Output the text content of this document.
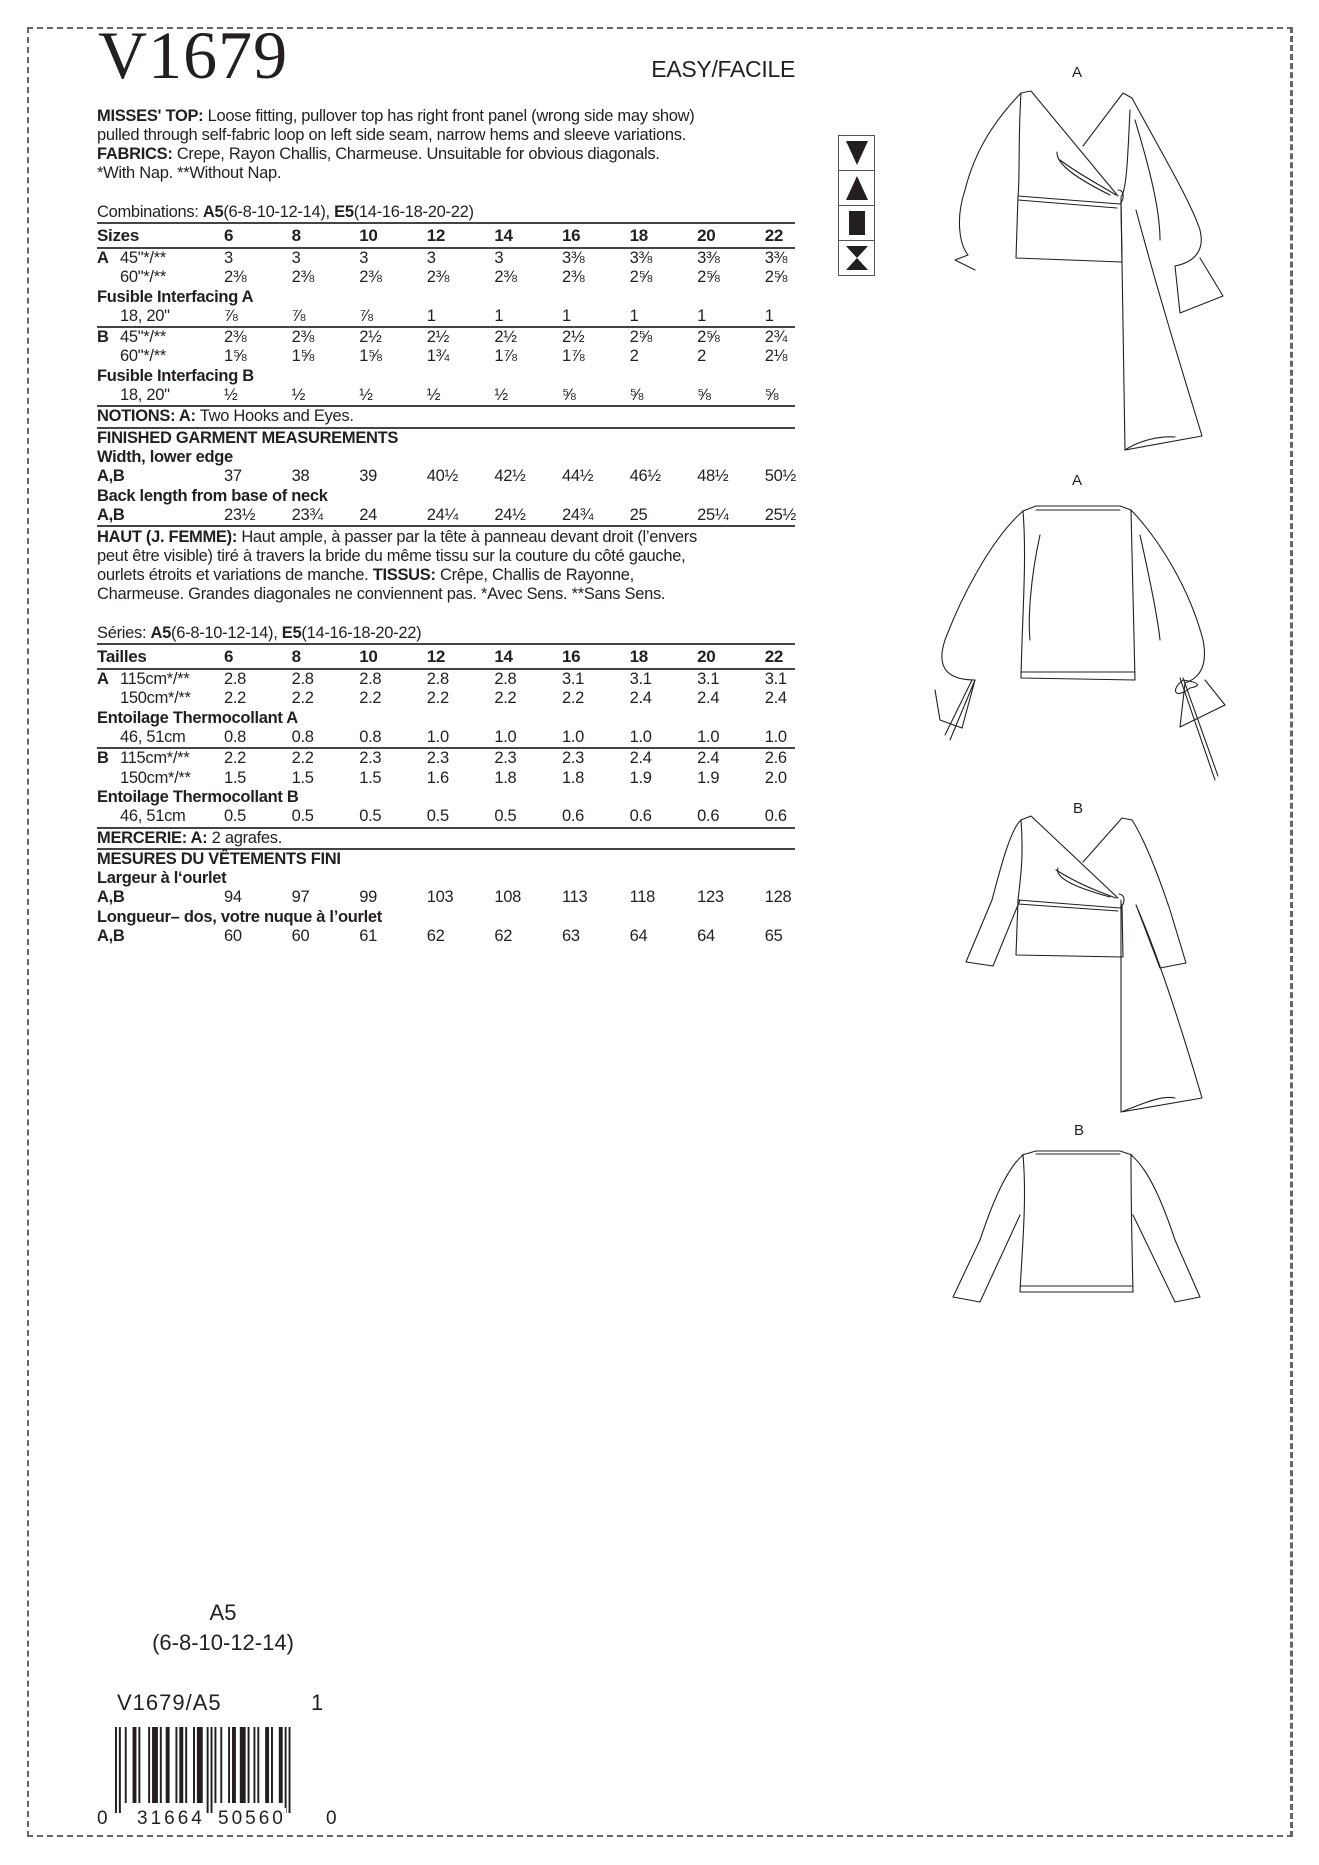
V1679	EASY/FACILE
MISSES' TOP: Loose fitting, pullover top has right front panel (wrong side may show)
pulled through self-fabric loop on left side seam, narrow hems and sleeve variations.
FABRICS: Crepe, Rayon Challis, Charmeuse. Unsuitable for obvious diagonals.
*With Nap. **Without Nap.
Combinations: A5(6-8-10-12-14), E5(14-16-18-20-22)
Sizes	6	8	10	12	14	16	18	20	22
A 45"*/**	3	3	3	3	3	3⅜	3⅜	3⅜	3⅜
60"*/**	2⅜	2⅜	2⅜	2⅜	2⅜	2⅜	2⅝	2⅝	2⅝
Fusible Interfacing A
18, 20"	⅞	⅞	⅞	1	1	1	1	1	1
B 45"*/**	2⅜	2⅜	2½	2½	2½	2½	2⅝	2⅝	2¾
60"*/**	1⅝	1⅝	1⅝	1¾	1⅞	1⅞	2	2	2⅛
Fusible Interfacing B
18, 20"	½	½	½	½	½	⅝	⅝	⅝	⅝
NOTIONS: A: Two Hooks and Eyes.
FINISHED GARMENT MEASUREMENTS
Width, lower edge
A,B	37	38	39	40½	42½	44½	46½	48½	50½
Back length from base of neck
A,B	23½	23¾	24	24¼	24½	24¾	25	25¼	25½
HAUT (J. FEMME): Haut ample, à passer par la tête à panneau devant droit (l’envers
peut être visible) tiré à travers la bride du même tissu sur la couture du côté gauche,
ourlets étroits et variations de manche. TISSUS: Crêpe, Challis de Rayonne,
Charmeuse. Grandes diagonales ne conviennent pas. *Avec Sens. **Sans Sens.
Séries: A5(6-8-10-12-14), E5(14-16-18-20-22)
Tailles	6	8	10	12	14	16	18	20	22
A 115cm*/** 2.8	2.8	2.8	2.8	2.8	3.1	3.1	3.1	3.1
150cm*/** 2.2	2.2	2.2	2.2	2.2	2.2	2.4	2.4	2.4
Entoilage Thermocollant A
46, 51cm 0.8	0.8	0.8	1.0	1.0	1.0	1.0	1.0	1.0
B 115cm*/** 2.2	2.2	2.3	2.3	2.3	2.3	2.4	2.4	2.6
150cm*/** 1.5	1.5	1.5	1.6	1.8	1.8	1.9	1.9	2.0
Entoilage Thermocollant B
46, 51cm 0.5	0.5	0.5	0.5	0.5	0.6	0.6	0.6	0.6
MERCERIE: A: 2 agrafes.
MESURES DU VÊTEMENTS FINI
Largeur à l‘ourlet
A,B	94	97	99	103	108	113	118	123	128
Longueur– dos, votre nuque à l’ourlet
A,B	60	60	61	62	62	63	64	64	65
A
A
B
B
A5
(6-8-10-12-14)
V1679/A5	1
0 31664 50560 0
